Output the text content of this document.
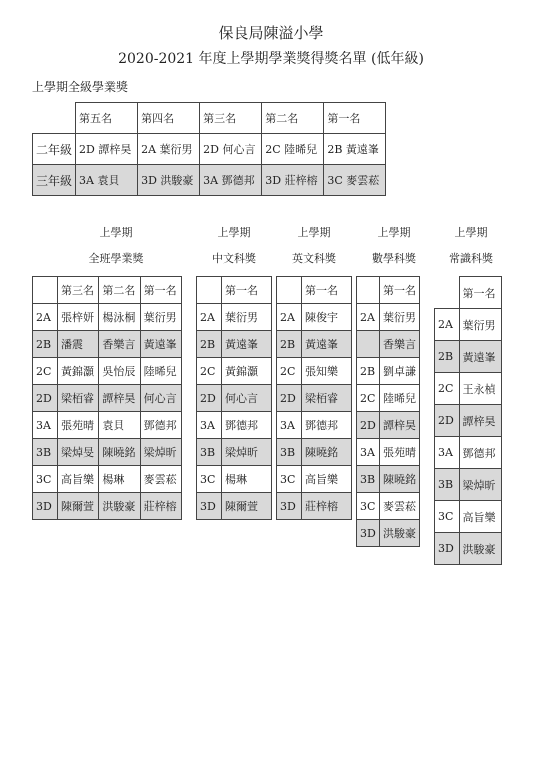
保良局陳溢小學
2020-2021 年度上學期學業獎得獎名單 (低年級)
上學期全級學業獎
	第五名	第四名	第三名	第二名	第一名
二年級	2D 譚梓昊	2A 葉衍男	2D 何心言	2C 陸晞兒	2B 黃遠峯
三年級	3A 袁貝	3D 洪駿豪	3A 鄧德邦	3D 莊梓榕	3C 麥雲菘
上學期
全班學業獎
上學期
中文科獎
上學期
英文科獎
上學期
數學科獎
上學期
常識科獎
	第三名	第二名	第一名
2A	張梓妍	楊泳桐	葉衍男
2B	潘震	香樂言	黃遠峯
2C	黃錦灝	吳怡辰	陸晞兒
2D	梁栢睿	譚梓昊	何心言
3A	張苑晴	袁貝	鄧德邦
3B	梁焯旻	陳曉銘	梁焯昕
3C	高旨樂	楊琳	麥雲菘
3D	陳爾萱	洪駿豪	莊梓榕
	第一名
2A	葉衍男
2B	黃遠峯
2C	黃錦灝
2D	何心言
3A	鄧德邦
3B	梁焯昕
3C	楊琳
3D	陳爾萱
	第一名
2A	陳俊宇
2B	黃遠峯
2C	張知樂
2D	梁栢睿
3A	鄧德邦
3B	陳曉銘
3C	高旨樂
3D	莊梓榕
	第一名
2A	葉衍男
	香樂言
2B	劉卓謙
2C	陸晞兒
2D	譚梓昊
3A	張苑晴
3B	陳曉銘
3C	麥雲菘
3D	洪駿豪
	第一名
2A	葉衍男
2B	黃遠峯
2C	王永楨
2D	譚梓昊
3A	鄧德邦
3B	梁焯昕
3C	高旨樂
3D	洪駿豪
